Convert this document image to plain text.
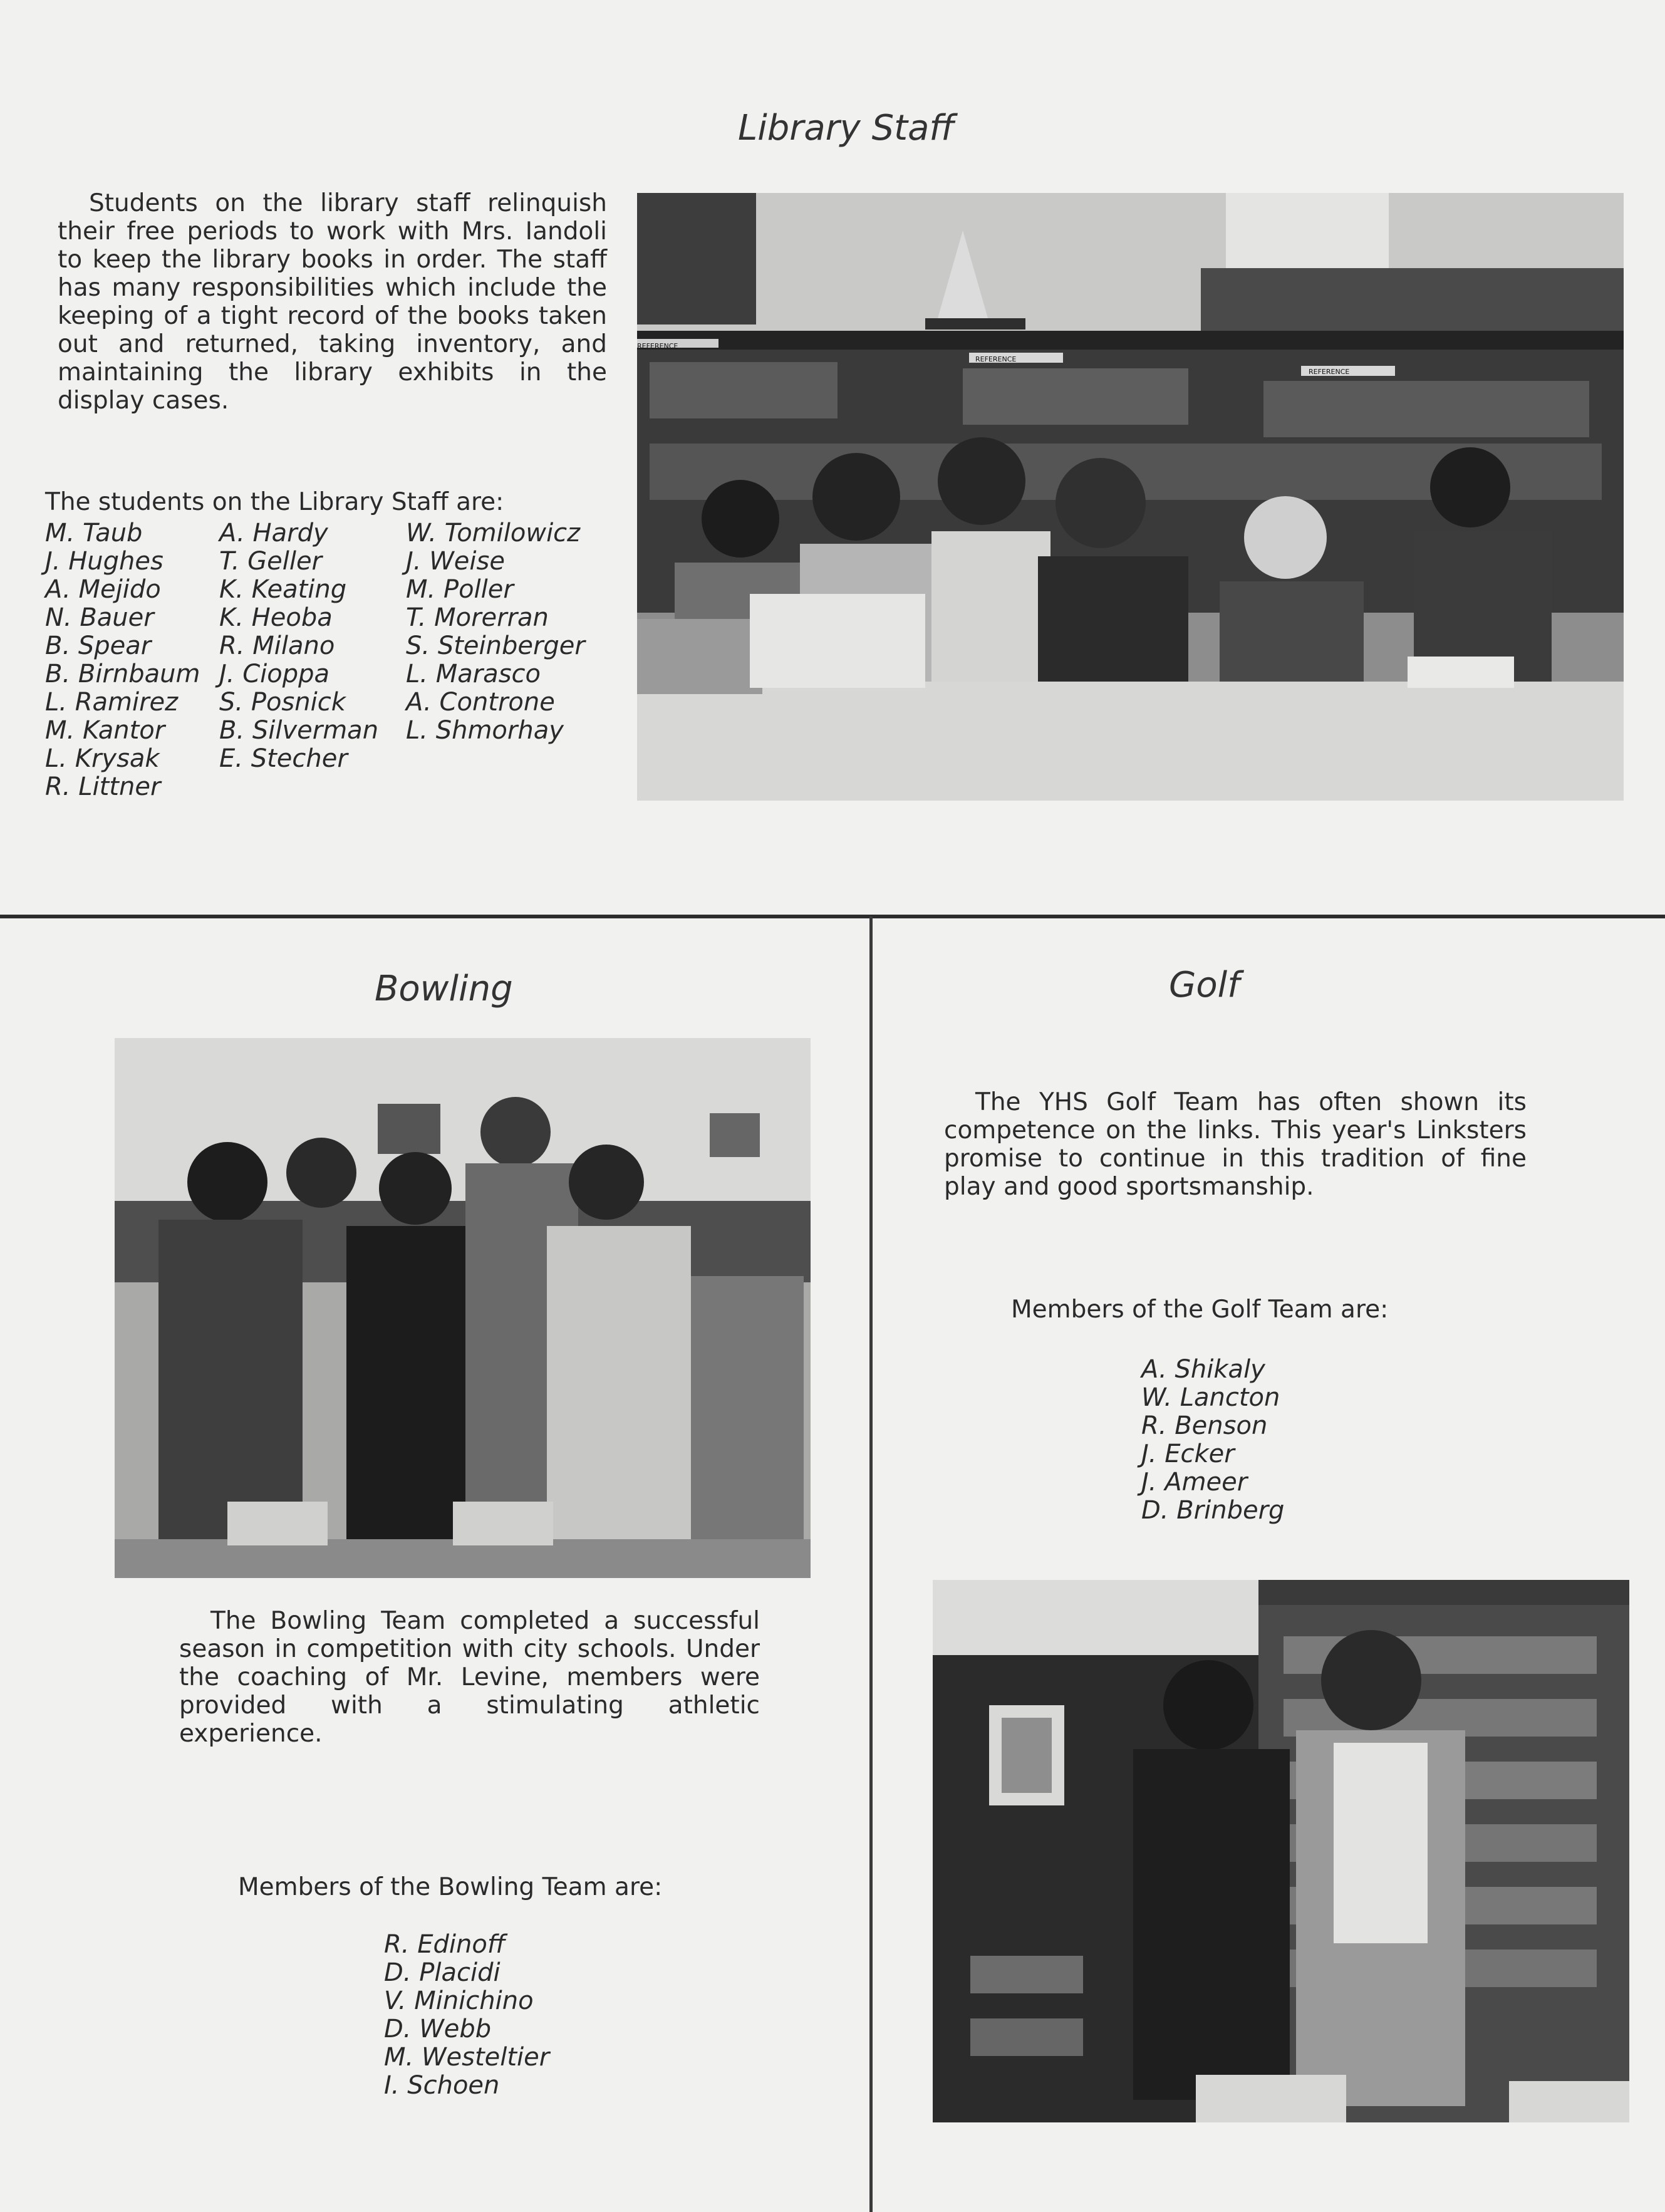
Library Staff
Students on the library staff relinquish their free periods to work with Mrs. Iandoli to keep the library books in order. The staff has many responsibilities which include the keeping of a tight record of the books taken out and returned, taking inventory, and maintaining the library exhibits in the display cases.
The students on the Library Staff are:
M. Taub
J. Hughes
A. Mejido
N. Bauer
B. Spear
B. Birnbaum
L. Ramirez
M. Kantor
L. Krysak
R. Littner
A. Hardy
T. Geller
K. Keating
K. Heoba
R. Milano
J. Cioppa
S. Posnick
B. Silverman
E. Stecher
W. Tomilowicz
J. Weise
M. Poller
T. Morerran
S. Steinberger
L. Marasco
A. Controne
L. Shmorhay
REFERENCE
REFERENCE
REFERENCE
Bowling
The Bowling Team completed a successful season in competition with city schools. Under the coaching of Mr. Levine, members were provided with a stimulating athletic experience.
Members of the Bowling Team are:
R. Edinoff
D. Placidi
V. Minichino
D. Webb
M. Westeltier
I. Schoen
Golf
The YHS Golf Team has often shown its competence on the links. This year's Linksters promise to continue in this tradition of fine play and good sportsmanship.
Members of the Golf Team are:
A. Shikaly
W. Lancton
R. Benson
J. Ecker
J. Ameer
D. Brinberg
